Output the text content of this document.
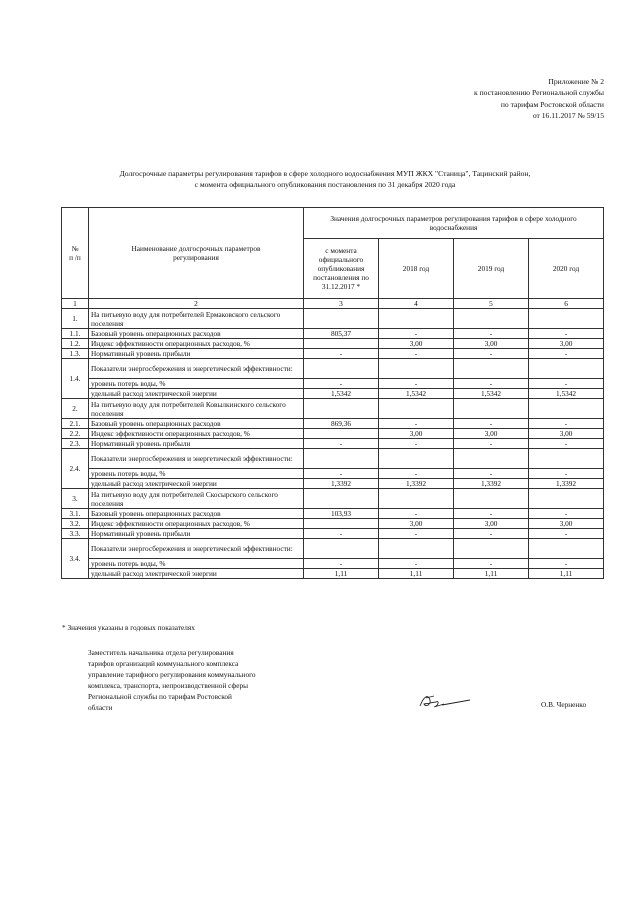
Приложение № 2
к постановлению Региональной службы
по тарифам Ростовской области
от 16.11.2017 № 59/15
Долгосрочные параметры регулирования тарифов в сфере холодного водоснабжения МУП ЖКХ "Станица", Тацинский район,
с момента официального опубликования постановления по 31 декабря 2020 года
№
п /п	Наименование долгосрочных параметров регулирования	Значения долгосрочных параметров регулирования тарифов в сфере холодного водоснабжения			
		с момента официального опубликования постановления по 31.12.2017 *	2018 год	2019 год	2020 год
1	2	3	4	5	6
1.	На питьевую воду для потребителей Ермаковского сельского поселения				
1.1.	Базовый уровень операционных расходов	805,37	-	-	-
1.2.	Индекс эффективности операционных расходов, %		3,00	3,00	3,00
1.3.	Нормативный уровень прибыли	-	-	-	-
1.4.	Показатели энергосбережения и энергетической эффективности:				
	уровень потерь воды, %	-	-	-	-
	удельный расход электрической энергии	1,5342	1,5342	1,5342	1,5342
2.	На питьевую воду для потребителей Ковылкинского сельского поселения				
2.1.	Базовый уровень операционных расходов	869,36	-	-	-
2.2.	Индекс эффективности операционных расходов, %		3,00	3,00	3,00
2.3.	Нормативный уровень прибыли	-	-	-	-
2.4.	Показатели энергосбережения и энергетической эффективности:				
	уровень потерь воды, %	-	-	-	-
	удельный расход электрической энергии	1,3392	1,3392	1,3392	1,3392
3.	На питьевую воду для потребителей Скосырского сельского поселения				
3.1.	Базовый уровень операционных расходов	103,93	-	-	-
3.2.	Индекс эффективности операционных расходов, %		3,00	3,00	3,00
3.3.	Нормативный уровень прибыли	-	-	-	-
3.4.	Показатели энергосбережения и энергетической эффективности:				
	уровень потерь воды, %	-	-	-	-
	удельный расход электрической энергии	1,11	1,11	1,11	1,11
* Значения указаны в годовых показателях
Заместитель начальника отдела регулирования
тарифов организаций коммунального комплекса
управление тарифного регулирования коммунального
комплекса, транспорта, непроизводственной сферы
Региональной службы по тарифам Ростовской
области	О.В. Черненко
